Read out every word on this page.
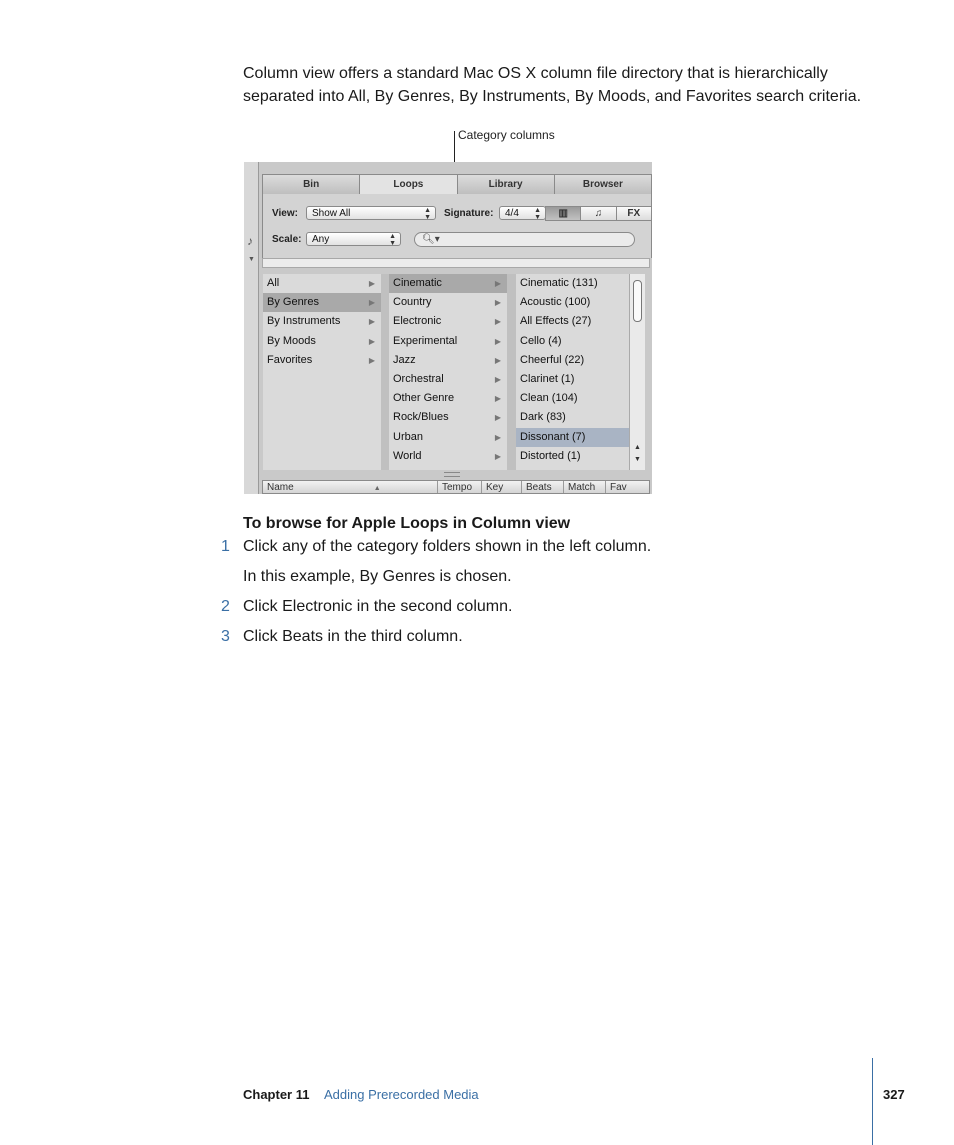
Column view offers a standard Mac OS X column file directory that is hierarchically separated into All, By Genres, By Instruments, By Moods, and Favorites search criteria.

Category columns
♪
▼
Bin	Loops	Library	Browser
View:	Show All	▲
▼ Signature:	4/4 ▲
▼	▥	♫	FX
Scale:	Any	▲
▼	🔍︎▾
All	▶
By Genres	▶
By Instruments	▶
By Moods	▶
Favorites	▶
Cinematic	▶
Country	▶
Electronic	▶
Experimental	▶
Jazz	▶
Orchestral	▶
Other Genre	▶
Rock/Blues	▶
Urban	▶
World	▶
Cinematic (131)
Acoustic (100)
All Effects (27)
Cello (4)
Cheerful (22)
Clarinet (1)
Clean (104)
Dark (83)
Dissonant (7)
Distorted (1)
▲
▼
Name	▲	Tempo	Key	Beats	Match	Fav
To browse for Apple Loops in Column view
1 Click any of the category folders shown in the left column.
In this example, By Genres is chosen.
2 Click Electronic in the second column.
3 Click Beats in the third column.
Chapter 11 Adding Prerecorded Media	327
